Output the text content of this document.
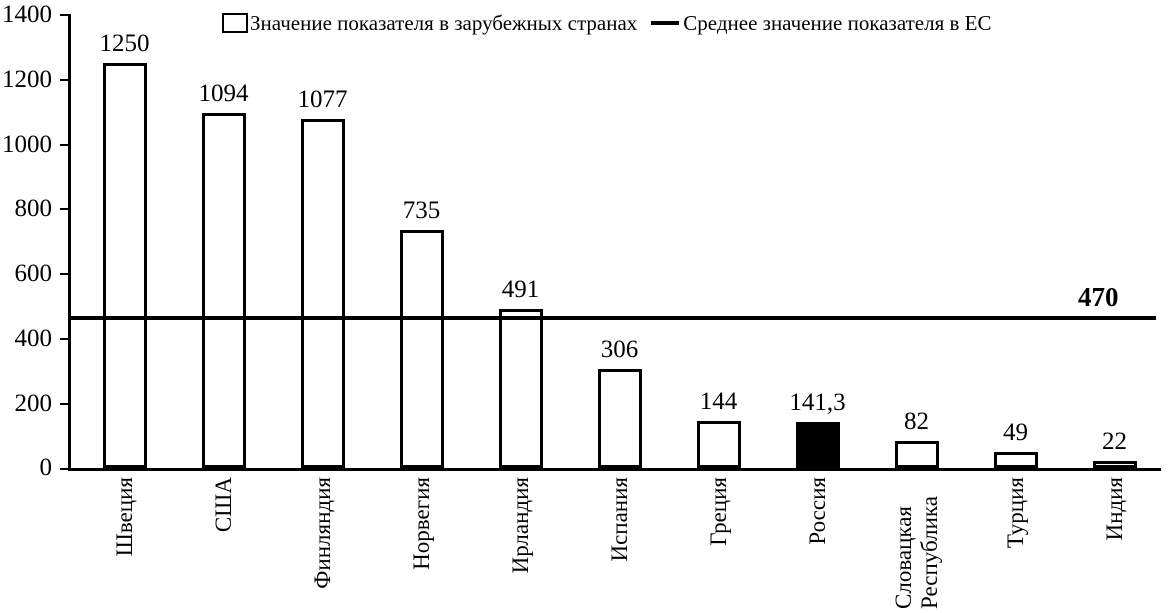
Значение показателя в зарубежных странах Среднее значение показателя в ЕС
1400
1200
1000
800
600
400
200
0
1250
1094 1077
735
491
306
144 141,3
82	49	22
470
Швеция	США	Финляндия	Норвегия	Ирландия	Испания	Греция	Россия	Словацкая Республика	Турция	Индия
